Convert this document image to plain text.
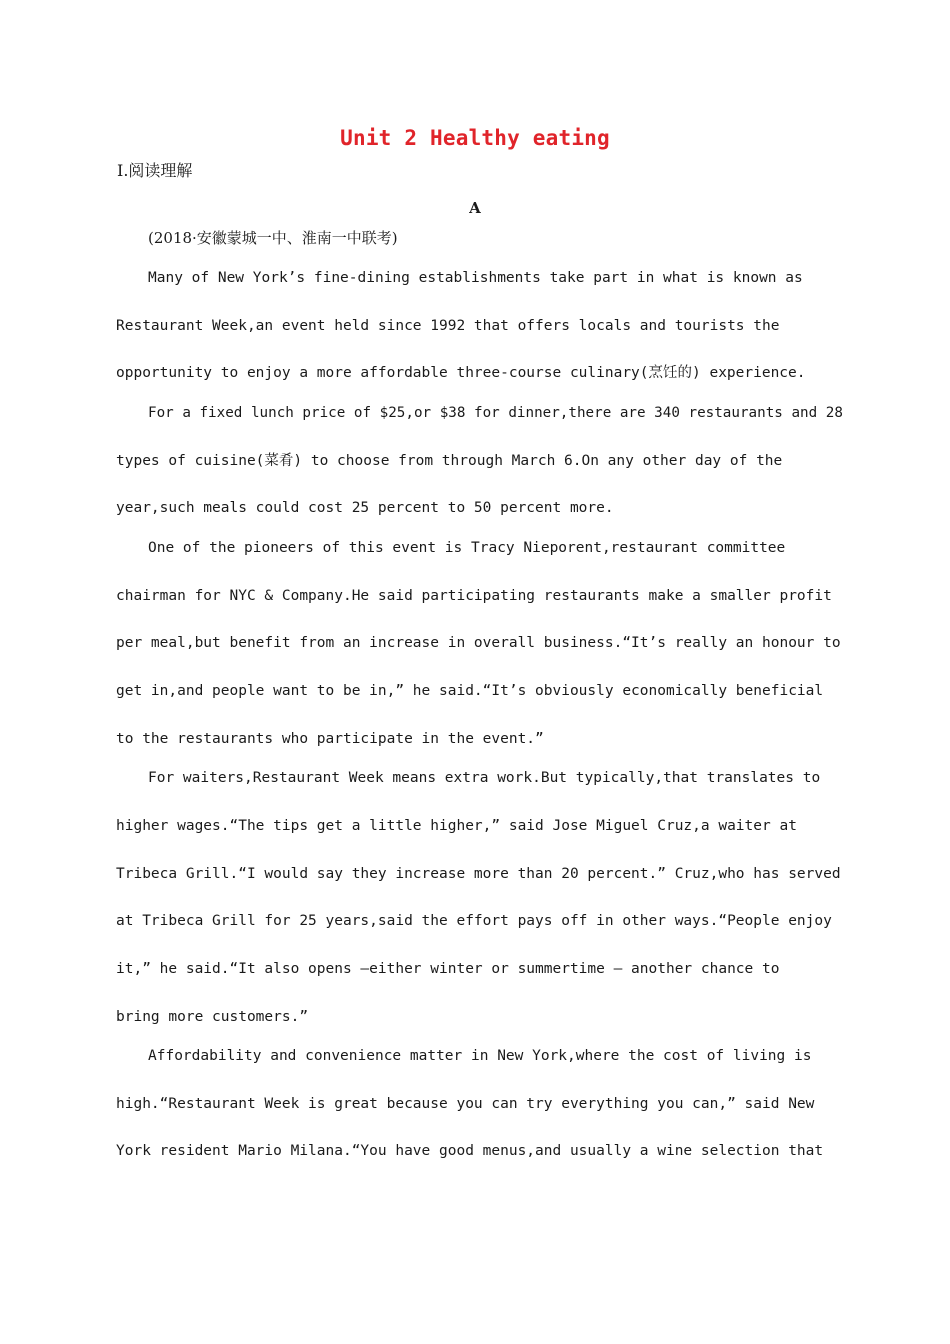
Unit 2 Healthy eating
Ⅰ.阅读理解
A
(2018·安徽蒙城一中、淮南一中联考)
Many of New York’s fine-dining establishments take part in what is known as
Restaurant Week,an event held since 1992 that offers locals and tourists the
opportunity to enjoy a more affordable three-course culinary(烹饪的) experience.
For a fixed lunch price of $25,or $38 for dinner,there are 340 restaurants and 28
types of cuisine(菜肴) to choose from through March 6.On any other day of the
year,such meals could cost 25 percent to 50 percent more.
One of the pioneers of this event is Tracy Nieporent,restaurant committee
chairman for NYC & Company.He said participating restaurants make a smaller profit
per meal,but benefit from an increase in overall business.“It’s really an honour to
get in,and people want to be in,” he said.“It’s obviously economically beneficial
to the restaurants who participate in the event.”
For waiters,Restaurant Week means extra work.But typically,that translates to
higher wages.“The tips get a little higher,” said Jose Miguel Cruz,a waiter at
Tribeca Grill.“I would say they increase more than 20 percent.” Cruz,who has served
at Tribeca Grill for 25 years,said the effort pays off in other ways.“People enjoy
it,” he said.“It also opens —either winter or summertime — another chance to
bring more customers.”
Affordability and convenience matter in New York,where the cost of living is
high.“Restaurant Week is great because you can try everything you can,” said New
York resident Mario Milana.“You have good menus,and usually a wine selection that
